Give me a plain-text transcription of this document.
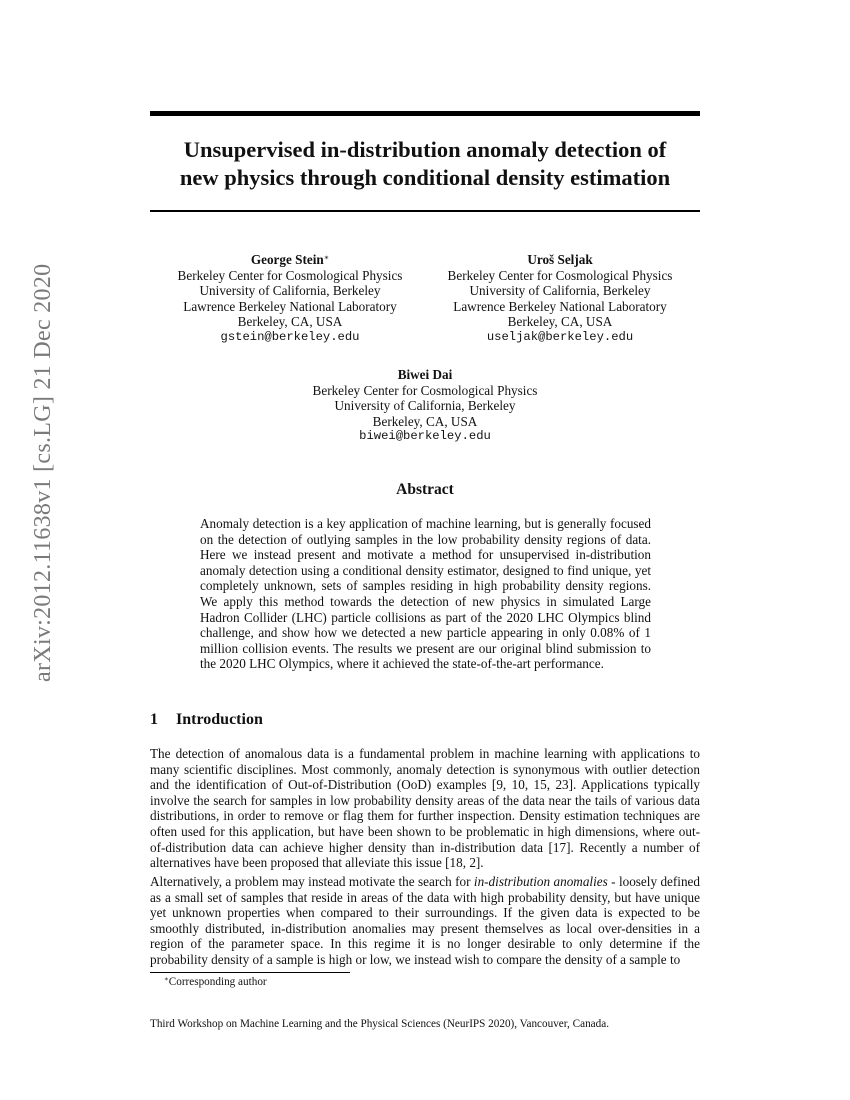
arXiv:2012.11638v1 [cs.LG] 21 Dec 2020
Unsupervised in-distribution anomaly detection of
new physics through conditional density estimation
George Stein∗
Berkeley Center for Cosmological Physics
University of California, Berkeley
Lawrence Berkeley National Laboratory
Berkeley, CA, USA
gstein@berkeley.edu
Uroš Seljak
Berkeley Center for Cosmological Physics
University of California, Berkeley
Lawrence Berkeley National Laboratory
Berkeley, CA, USA
useljak@berkeley.edu
Biwei Dai
Berkeley Center for Cosmological Physics
University of California, Berkeley
Berkeley, CA, USA
biwei@berkeley.edu
Abstract
Anomaly detection is a key application of machine learning, but is generally focused on the detection of outlying samples in the low probability density regions of data. Here we instead present and motivate a method for unsupervised in-distribution anomaly detection using a conditional density estimator, designed to find unique, yet completely unknown, sets of samples residing in high probability density regions. We apply this method towards the detection of new physics in simulated Large Hadron Collider (LHC) particle collisions as part of the 2020 LHC Olympics blind challenge, and show how we detected a new particle appearing in only 0.08% of 1 million collision events. The results we present are our original blind submission to the 2020 LHC Olympics, where it achieved the state-of-the-art performance.
1 Introduction
The detection of anomalous data is a fundamental problem in machine learning with applications to many scientific disciplines. Most commonly, anomaly detection is synonymous with outlier detection and the identification of Out-of-Distribution (OoD) examples [9, 10, 15, 23]. Applications typically involve the search for samples in low probability density areas of the data near the tails of various data distributions, in order to remove or flag them for further inspection. Density estimation techniques are often used for this application, but have been shown to be problematic in high dimensions, where out-of-distribution data can achieve higher density than in-distribution data [17]. Recently a number of alternatives have been proposed that alleviate this issue [18, 2].
Alternatively, a problem may instead motivate the search for in-distribution anomalies - loosely defined as a small set of samples that reside in areas of the data with high probability density, but have unique yet unknown properties when compared to their surroundings. If the given data is expected to be smoothly distributed, in-distribution anomalies may present themselves as local over-densities in a region of the parameter space. In this regime it is no longer desirable to only determine if the probability density of a sample is high or low, we instead wish to compare the density of a sample to
∗Corresponding author
Third Workshop on Machine Learning and the Physical Sciences (NeurIPS 2020), Vancouver, Canada.
